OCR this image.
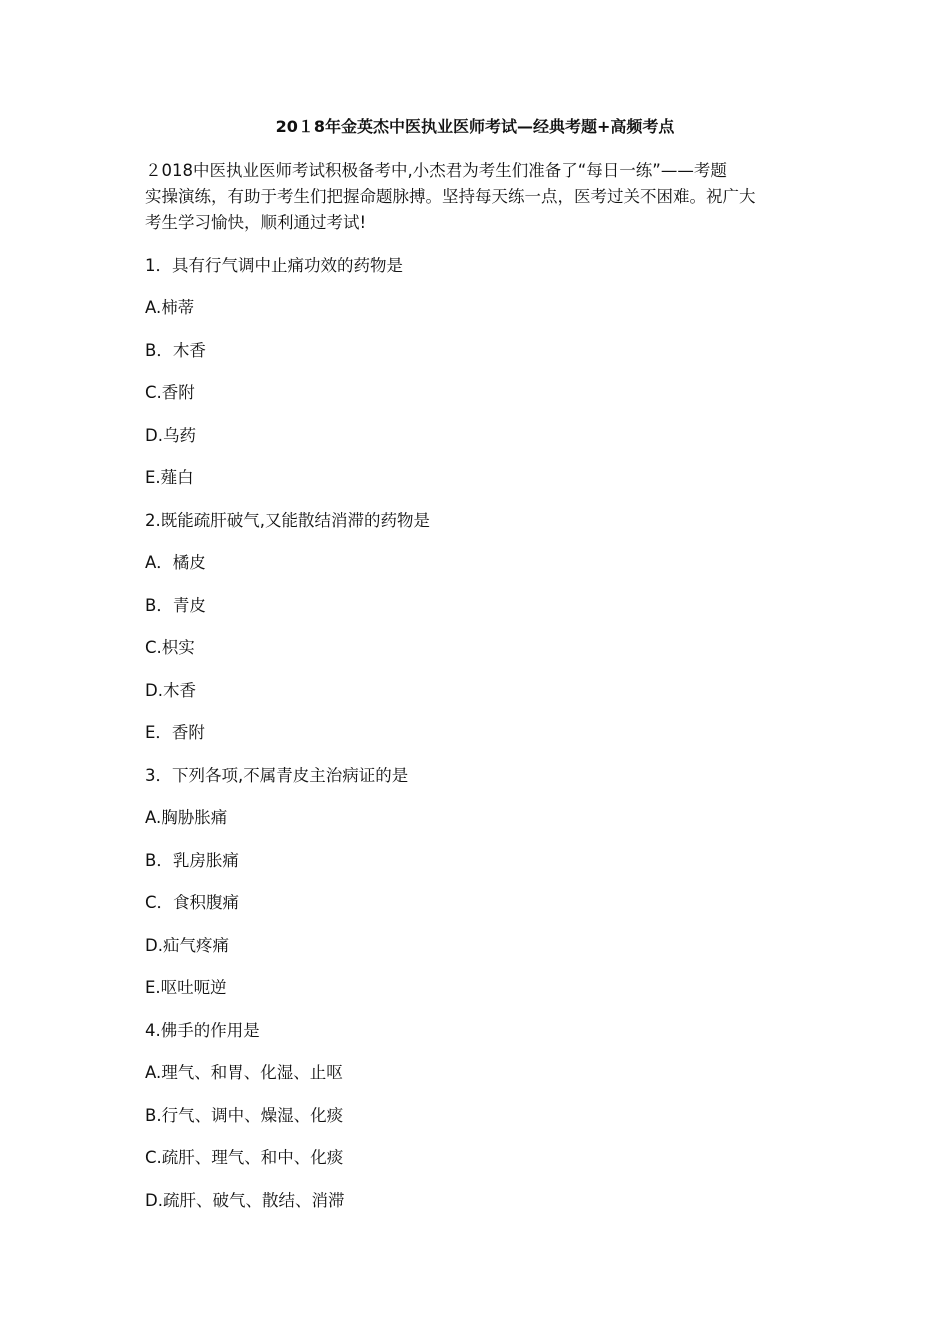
20１8年金英杰中医执业医师考试—经典考题+高频考点
２018中医执业医师考试积极备考中,小杰君为考生们准备了“每日一练”——考题
实操演练，有助于考生们把握命题脉搏。坚持每天练一点，医考过关不困难。祝广大
考生学习愉快，顺利通过考试!
1．具有行气调中止痛功效的药物是
A.柿蒂
B．木香
C.香附
D.乌药
E.薤白
2.既能疏肝破气,又能散结消滞的药物是
A．橘皮
B．青皮
C.枳实
D.木香
E．香附
3．下列各项,不属青皮主治病证的是
A.胸胁胀痛
B．乳房胀痛
C．食积腹痛
D.疝气疼痛
E.呕吐呃逆
4.佛手的作用是
A.理气、和胃、化湿、止呕
B.行气、调中、燥湿、化痰
C.疏肝、理气、和中、化痰
D.疏肝、破气、散结、消滞
